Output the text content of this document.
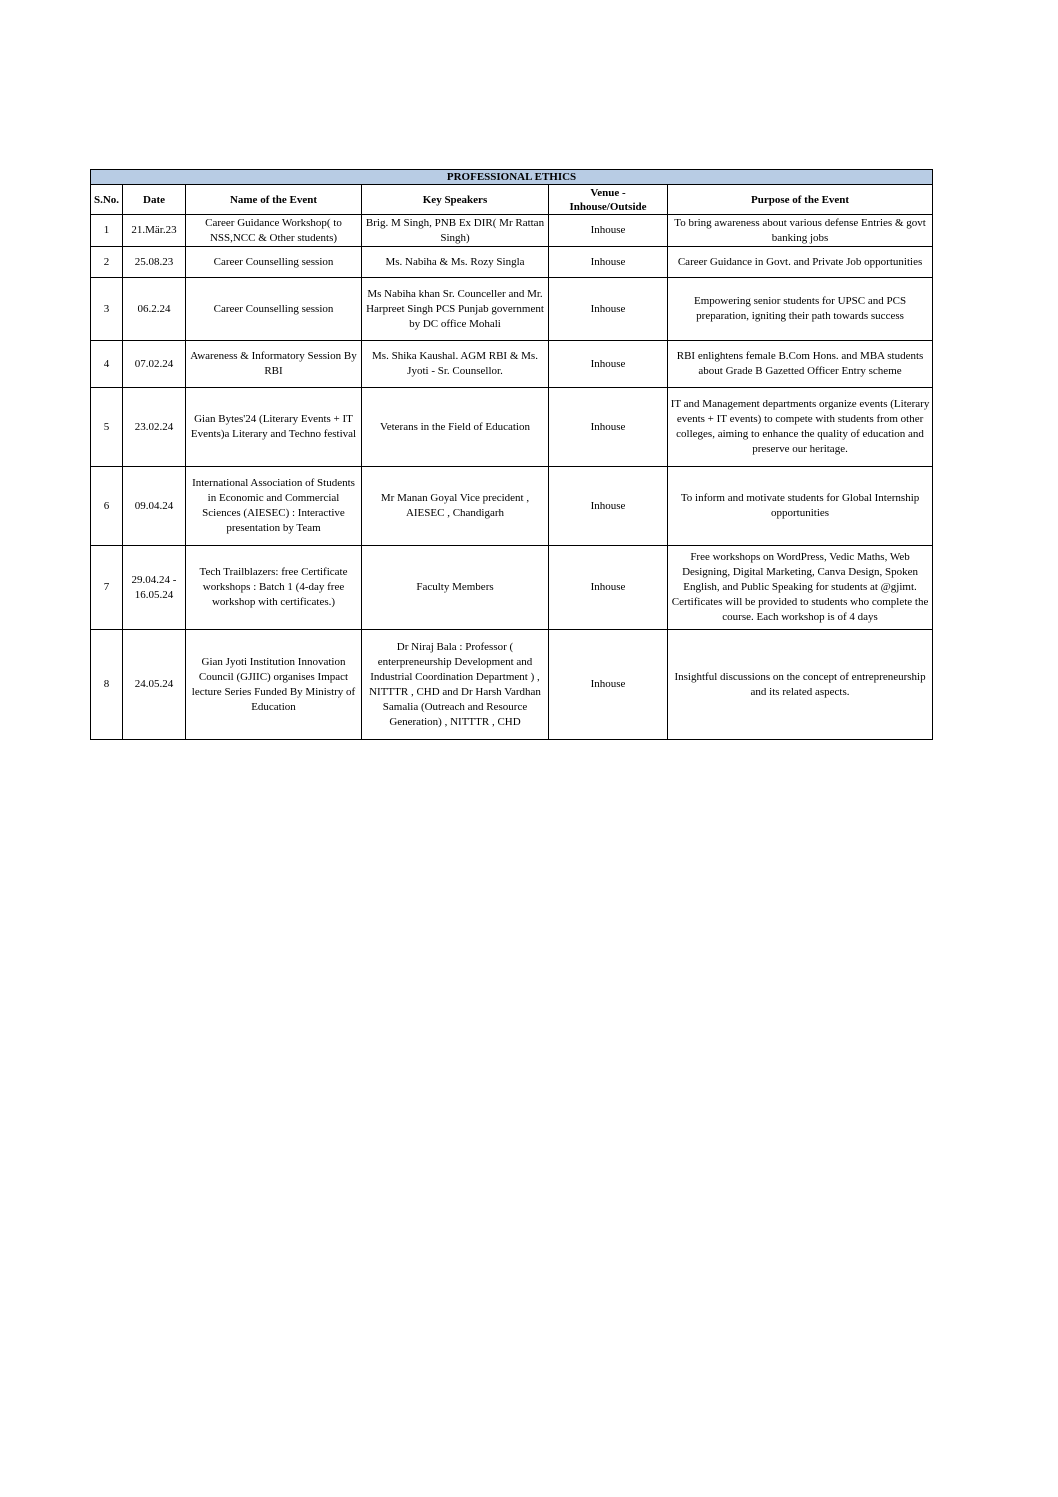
PROFESSIONAL ETHICS					
S.No.	Date	Name of the Event	Key Speakers	Venue - Inhouse/Outside	Purpose of the Event
1	21.Mär.23	Career Guidance Workshop( to NSS,NCC & Other students)	Brig. M Singh, PNB Ex DIR( Mr Rattan Singh)	Inhouse	To bring awareness about various defense Entries & govt banking jobs
2	25.08.23	Career Counselling session	Ms. Nabiha & Ms. Rozy Singla	Inhouse	Career Guidance in Govt. and Private Job opportunities
3	06.2.24	Career Counselling session	Ms Nabiha khan Sr. Counceller and Mr. Harpreet Singh PCS Punjab government by DC office Mohali	Inhouse	Empowering senior students for UPSC and PCS preparation, igniting their path towards success
4	07.02.24	Awareness & Informatory Session By RBI	Ms. Shika Kaushal. AGM RBI & Ms. Jyoti - Sr. Counsellor.	Inhouse	RBI enlightens female B.Com Hons. and MBA students about Grade B Gazetted Officer Entry scheme
5	23.02.24	Gian Bytes'24 (Literary Events + IT Events)a Literary and Techno festival	Veterans in the Field of Education	Inhouse	IT and Management departments organize events (Literary events + IT events) to compete with students from other colleges, aiming to enhance the quality of education and preserve our heritage.
6	09.04.24	International Association of Students in Economic and Commercial Sciences (AIESEC) : Interactive presentation by Team	Mr Manan Goyal Vice precident , AIESEC , Chandigarh	Inhouse	To inform and motivate students for Global Internship opportunities
7	29.04.24 - 16.05.24	Tech Trailblazers: free Certificate workshops : Batch 1 (4-day free workshop with certificates.)	Faculty Members	Inhouse	Free workshops on WordPress, Vedic Maths, Web Designing, Digital Marketing, Canva Design, Spoken English, and Public Speaking for students at @gjimt. Certificates will be provided to students who complete the course. Each workshop is of 4 days
8	24.05.24	Gian Jyoti Institution Innovation Council (GJIIC) organises Impact lecture Series Funded By Ministry of Education	Dr Niraj Bala : Professor ( enterpreneurship Development and Industrial Coordination Department ) , NITTTR , CHD and Dr Harsh Vardhan Samalia (Outreach and Resource Generation) , NITTTR , CHD	Inhouse	Insightful discussions on the concept of entrepreneurship and its related aspects.
